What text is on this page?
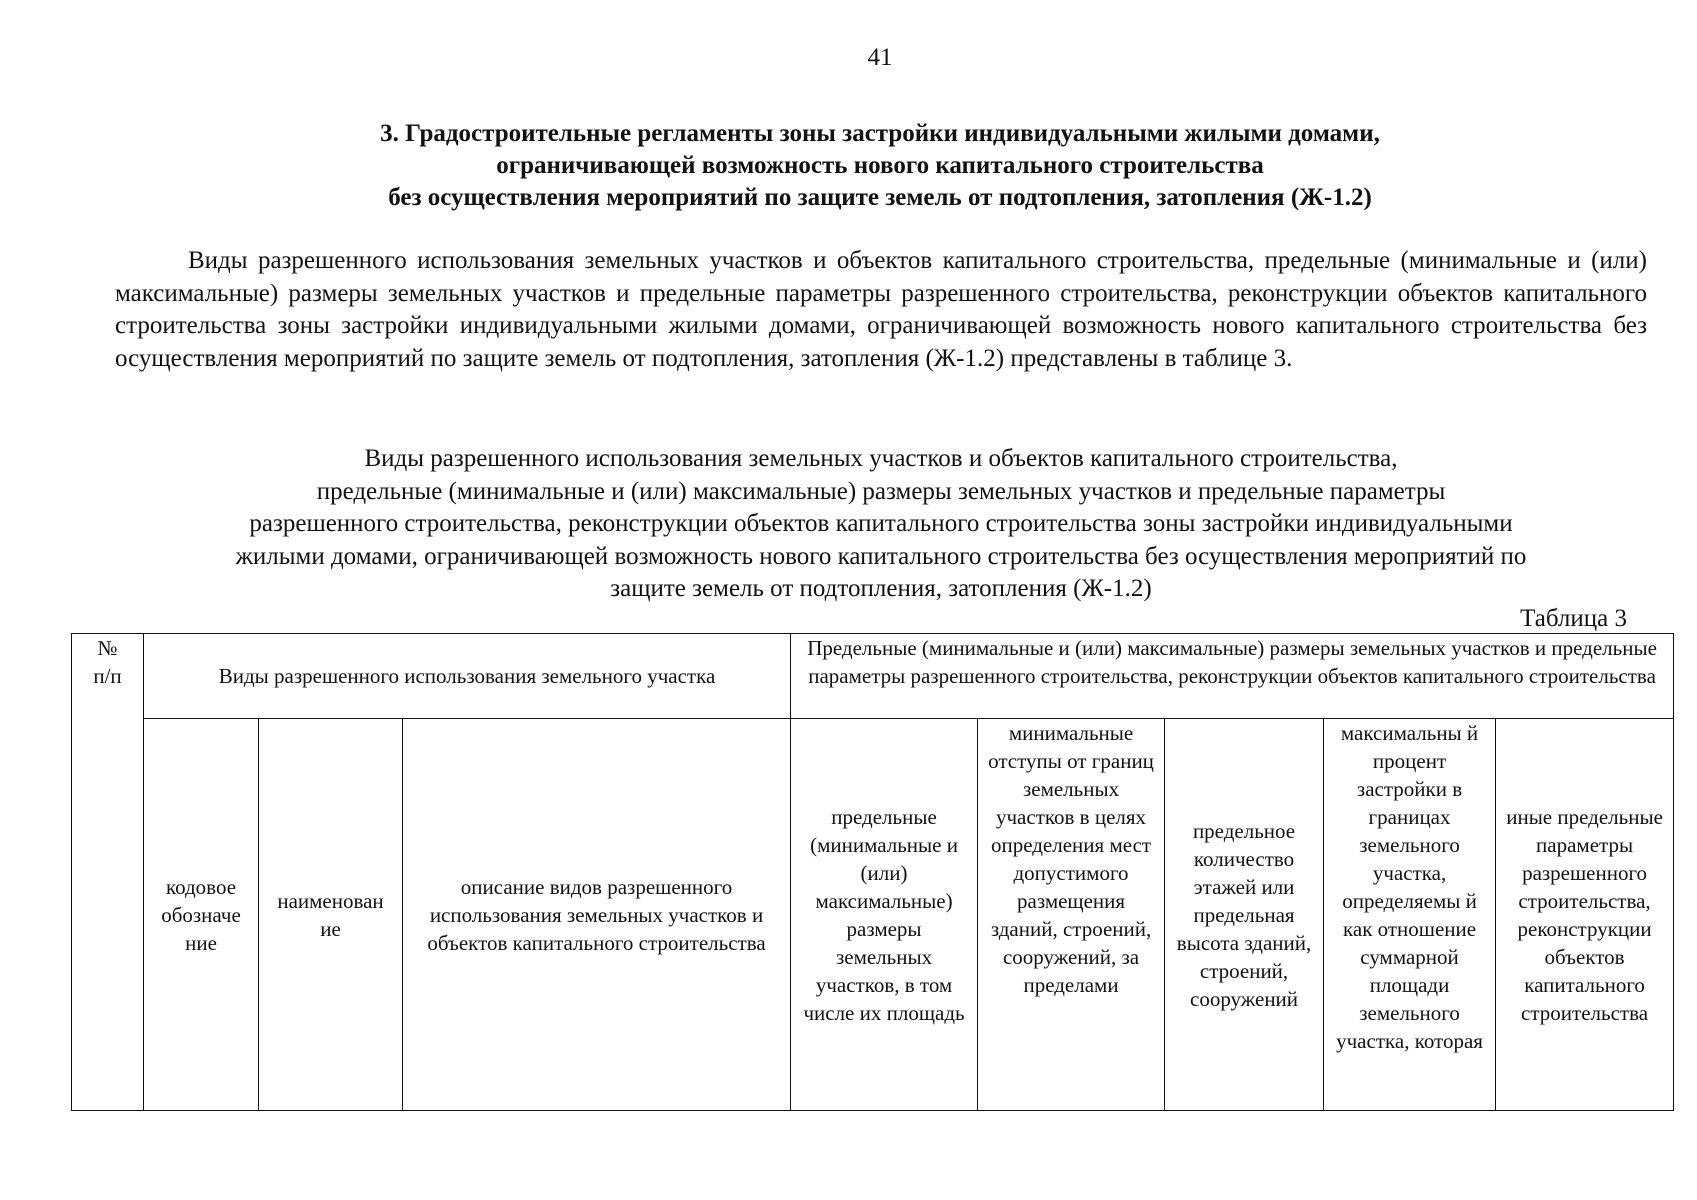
41
3. Градостроительные регламенты зоны застройки индивидуальными жилыми домами,
ограничивающей возможность нового капитального строительства
без осуществления мероприятий по защите земель от подтопления, затопления (Ж-1.2)

Виды разрешенного использования земельных участков и объектов капитального строительства, предельные (минимальные и (или) максимальные) размеры земельных участков и предельные параметры разрешенного строительства, реконструкции объектов капитального строительства зоны застройки индивидуальными жилыми домами, ограничивающей возможность нового капитального строительства без осуществления мероприятий по защите земель от подтопления, затопления (Ж-1.2) представлены в таблице 3.

Виды разрешенного использования земельных участков и объектов капитального строительства,
предельные (минимальные и (или) максимальные) размеры земельных участков и предельные параметры
разрешенного строительства, реконструкции объектов капитального строительства зоны застройки индивидуальными
жилыми домами, ограничивающей возможность нового капитального строительства без осуществления мероприятий по
защите земель от подтопления, затопления (Ж-1.2)
Таблица 3
№ п/п	Виды разрешенного использования земельного участка			Предельные (минимальные и (или) максимальные) размеры земельных участков и предельные параметры разрешенного строительства, реконструкции объектов капитального строительства				

	кодовое обозначе ние	наименован ие	описание видов разрешенного использования земельных участков и объектов капитального строительства	предельные (минимальные и (или) максимальные) размеры земельных участков, в том числе их площадь	минимальные отступы от границ земельных участков в целях определения мест допустимого размещения зданий, строений, сооружений, за пределами	предельное количество этажей или предельная высота зданий, строений, сооружений	максимальны й процент застройки в границах земельного участка, определяемы й как отношение суммарной площади земельного участка, которая	иные предельные параметры разрешенного строительства, реконструкции объектов капитального строительства
